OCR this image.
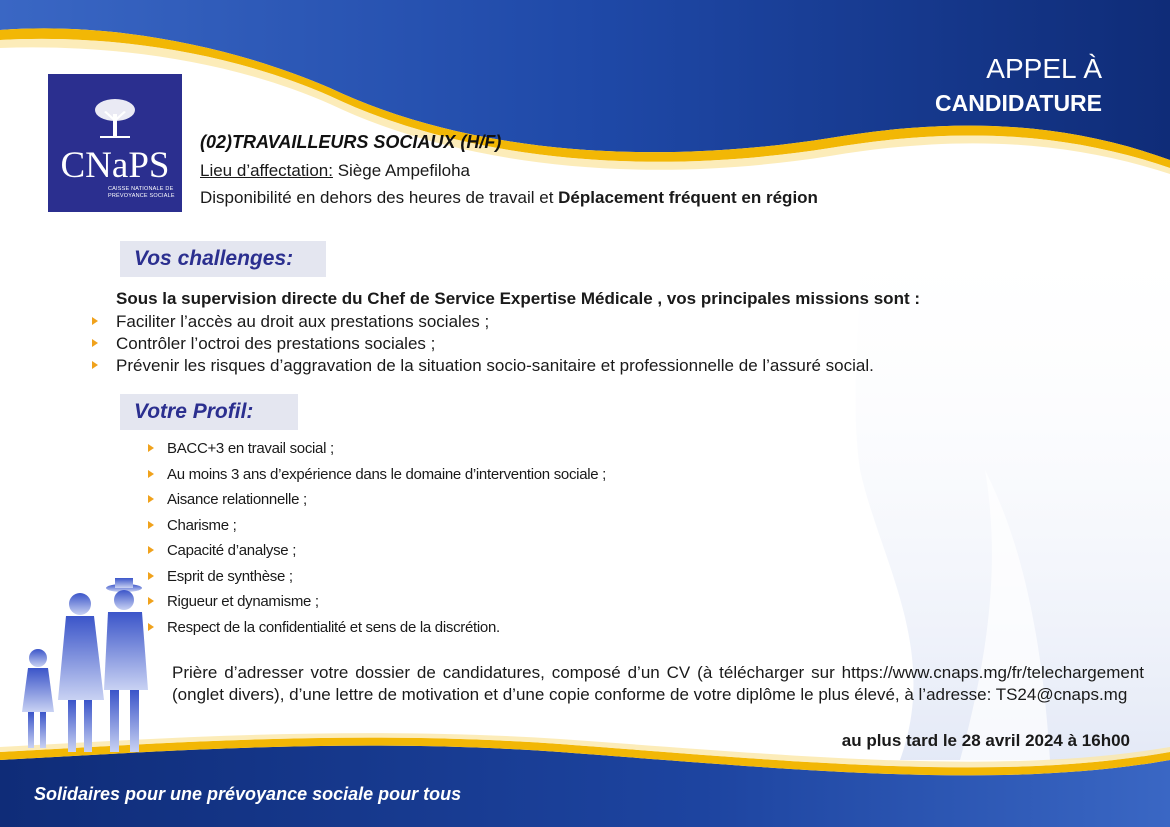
CNaPS
CAISSE NATIONALE DE PRÉVOYANCE SOCIALE
APPEL À
CANDIDATURE
(02)TRAVAILLEURS SOCIAUX (H/F)
Lieu d’affectation: Siège Ampefiloha
Disponibilité en dehors des heures de travail et Déplacement fréquent en région
Vos challenges:
Sous la supervision directe du Chef de Service Expertise Médicale , vos principales missions sont :
Faciliter l’accès au droit aux prestations sociales ;
Contrôler l’octroi des prestations sociales ;
Prévenir les risques d’aggravation de la situation socio-sanitaire et professionnelle de l’assuré social.
Votre Profil:
BACC+3 en travail social ;
Au moins 3 ans d’expérience dans le domaine d’intervention sociale ;
Aisance relationnelle ;
Charisme ;
Capacité d’analyse ;
Esprit de synthèse ;
Rigueur et dynamisme ;
Respect de la confidentialité et sens de la discrétion.
Prière d’adresser votre dossier de candidatures, composé d’un CV (à télécharger sur https://www.cnaps.mg/fr/telechargement (onglet divers), d’une lettre de motivation et d’une copie conforme de votre diplôme le plus élevé, à l’adresse: TS24@cnaps.mg
au plus tard le 28 avril 2024 à 16h00
Solidaires pour une prévoyance sociale pour tous
